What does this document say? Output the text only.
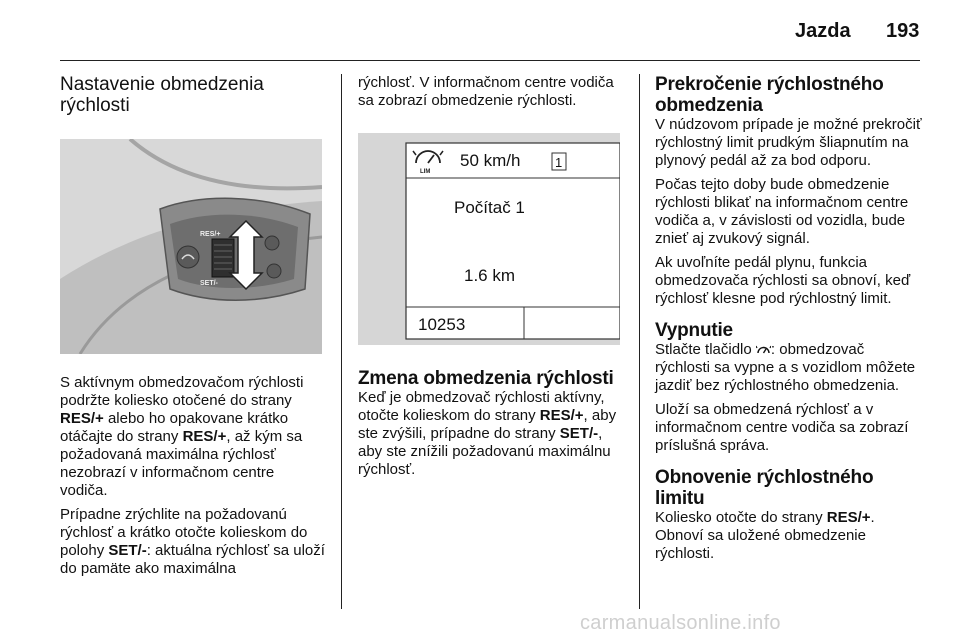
Jazda 193
Nastavenie obmedzenia rýchlosti
RES/+
SET/-

S aktívnym obmedzovačom rýchlosti podržte koliesko otočené do strany RES/+ alebo ho opakovane krátko otáčajte do strany RES/+, až kým sa požadovaná maximálna rýchlosť nezobrazí v informačnom centre vodiča.

Prípadne zrýchlite na požadovanú rýchlosť a krátko otočte kolieskom do polohy SET/-: aktuálna rýchlosť sa uloží do pamäte ako maximálna

rýchlosť. V informačnom centre vodiča sa zobrazí obmedzenie rýchlosti.

LIM
50 km/h	1
Počítač 1
1.6 km
10253
Zmena obmedzenia rýchlosti

Keď je obmedzovač rýchlosti aktívny, otočte kolieskom do strany RES/+, aby ste zvýšili, prípadne do strany SET/-, aby ste znížili požadovanú maximálnu rýchlosť.

Prekročenie rýchlostného obmedzenia

V núdzovom prípade je možné prekročiť rýchlostný limit prudkým šliapnutím na plynový pedál až za bod odporu.

Počas tejto doby bude obmedzenie rýchlosti blikať na informačnom centre vodiča a, v závislosti od vozidla, bude znieť aj zvukový signál.

Ak uvoľníte pedál plynu, funkcia obmedzovača rýchlosti sa obnoví, keď rýchlosť klesne pod rýchlostný limit.

Vypnutie

Stlačte tlačidlo : obmedzovač rýchlosti sa vypne a s vozidlom môžete jazdiť bez rýchlostného obmedzenia.

Uloží sa obmedzená rýchlosť a v informačnom centre vodiča sa zobrazí príslušná správa.

Obnovenie rýchlostného limitu

Koliesko otočte do strany RES/+. Obnoví sa uložené obmedzenie rýchlosti.

carmanualsonline.info
